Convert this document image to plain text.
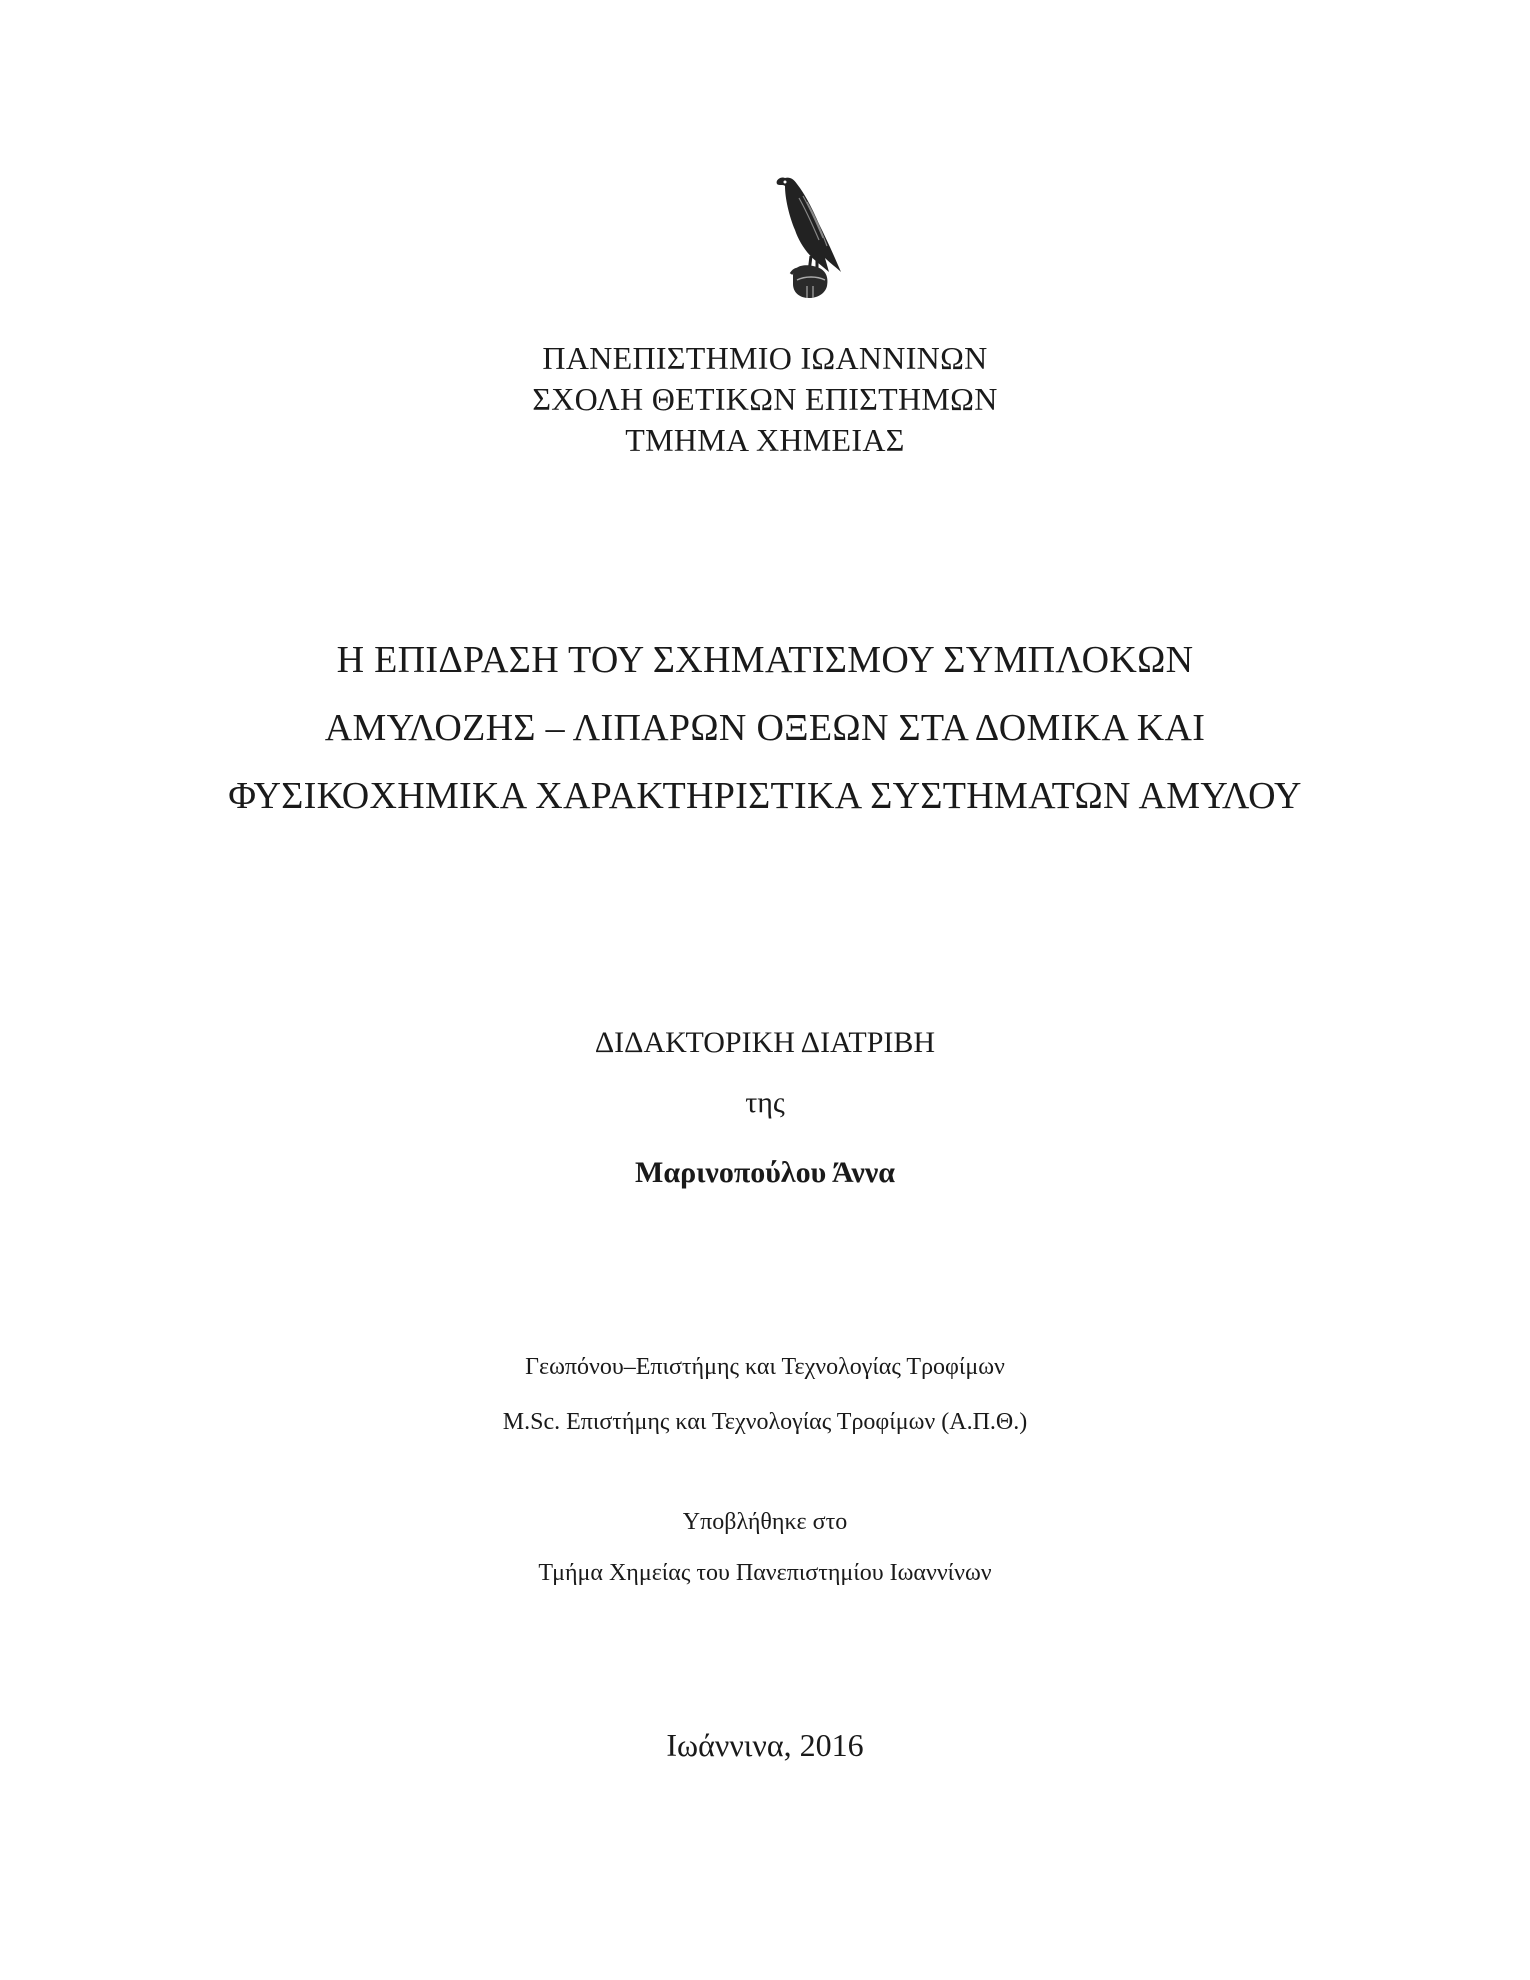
ΠΑΝΕΠΙΣΤΗΜΙΟ ΙΩΑΝΝΙΝΩΝ
ΣΧΟΛΗ ΘΕΤΙΚΩΝ ΕΠΙΣΤΗΜΩΝ
ΤΜΗΜΑ ΧΗΜΕΙΑΣ
Η ΕΠΙΔΡΑΣΗ ΤΟΥ ΣΧΗΜΑΤΙΣΜΟΥ ΣΥΜΠΛΟΚΩΝ
ΑΜΥΛΟΖΗΣ – ΛΙΠΑΡΩΝ ΟΞΕΩΝ ΣΤΑ ΔΟΜΙΚΑ ΚΑΙ
ΦΥΣΙΚΟΧΗΜΙΚΑ ΧΑΡΑΚΤΗΡΙΣΤΙΚΑ ΣΥΣΤΗΜΑΤΩΝ ΑΜΥΛΟΥ
ΔΙΔΑΚΤΟΡΙΚΗ ΔΙΑΤΡΙΒΗ
της
Μαρινοπούλου Άννα
Γεωπόνου–Επιστήμης και Τεχνολογίας Τροφίμων
M.Sc. Επιστήμης και Τεχνολογίας Τροφίμων (Α.Π.Θ.)
Υποβλήθηκε στο
Τμήμα Χημείας του Πανεπιστημίου Ιωαννίνων
Ιωάννινα, 2016
